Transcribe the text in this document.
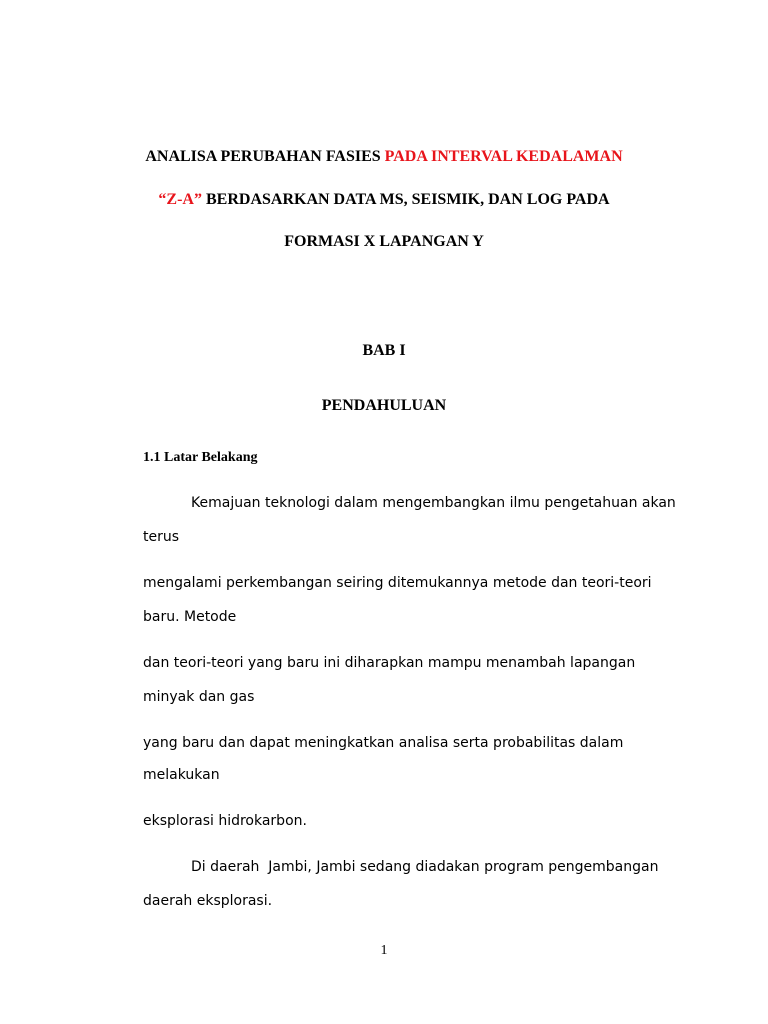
ANALISA PERUBAHAN FASIES PADA INTERVAL KEDALAMAN
“Z-A” BERDASARKAN DATA MS, SEISMIK, DAN LOG PADA
FORMASI X LAPANGAN Y
BAB I
PENDAHULUAN
1.1 Latar Belakang
Kemajuan teknologi dalam mengembangkan ilmu pengetahuan akan
terus
mengalami perkembangan seiring ditemukannya metode dan teori-teori
baru. Metode
dan teori-teori yang baru ini diharapkan mampu menambah lapangan
minyak dan gas
yang baru dan dapat meningkatkan analisa serta probabilitas dalam
melakukan
eksplorasi hidrokarbon.
Di daerah  Jambi, Jambi sedang diadakan program pengembangan
daerah eksplorasi.
1
